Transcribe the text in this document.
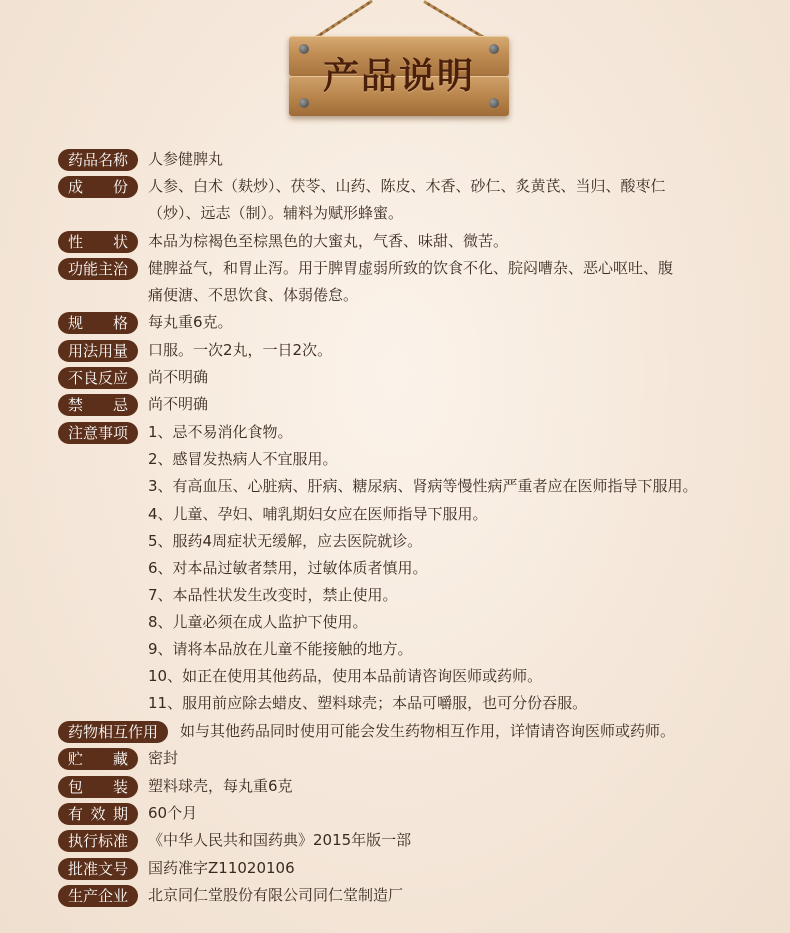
产品说明
药品名称	人参健脾丸
成 份 人参、白术（麸炒）、茯苓、山药、陈皮、木香、砂仁、炙黄芪、当归、酸枣仁
（炒）、远志（制）。辅料为赋形蜂蜜。
性 状 本品为棕褐色至棕黑色的大蜜丸，气香、味甜、微苦。
功能主治	健脾益气，和胃止泻。用于脾胃虚弱所致的饮食不化、脘闷嘈杂、恶心呕吐、腹
痛便溏、不思饮食、体弱倦怠。
规 格 每丸重6克。
用法用量	口服。一次2丸，一日2次。
不良反应	尚不明确
禁 忌 尚不明确
注意事项	1、忌不易消化食物。
2、感冒发热病人不宜服用。
3、有高血压、心脏病、肝病、糖尿病、肾病等慢性病严重者应在医师指导下服用。
4、儿童、孕妇、哺乳期妇女应在医师指导下服用。
5、服药4周症状无缓解，应去医院就诊。
6、对本品过敏者禁用，过敏体质者慎用。
7、本品性状发生改变时，禁止使用。
8、儿童必须在成人监护下使用。
9、请将本品放在儿童不能接触的地方。
10、如正在使用其他药品，使用本品前请咨询医师或药师。
11、服用前应除去蜡皮、塑料球壳；本品可嚼服，也可分份吞服。
药物相互作用	如与其他药品同时使用可能会发生药物相互作用，详情请咨询医师或药师。
贮 藏 密封
包 装 塑料球壳，每丸重6克
有 效 期 60个月
执行标准	《中华人民共和国药典》2015年版一部
批准文号	国药准字Z11020106
生产企业	北京同仁堂股份有限公司同仁堂制造厂
